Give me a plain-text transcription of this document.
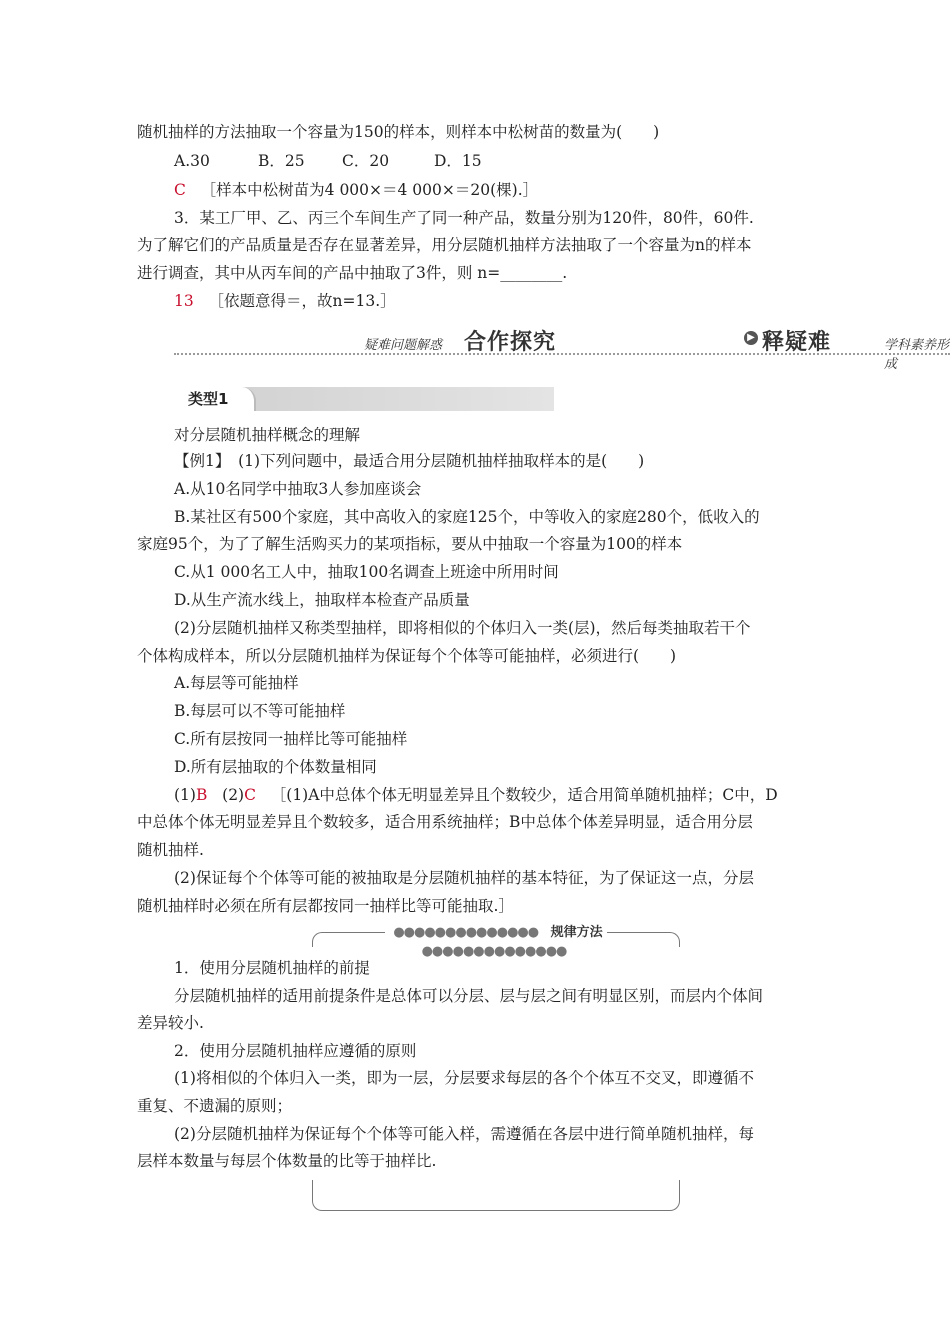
随机抽样的方法抽取一个容量为150的样本，则样本中松树苗的数量为(　　)
A.30	B．25 C．20	D．15
C ［样本中松树苗为4 000×＝4 000×＝20(棵).］
3．某工厂甲、乙、丙三个车间生产了同一种产品，数量分别为120件，80件，60件.
为了解它们的产品质量是否存在显著差异，用分层随机抽样方法抽取了一个容量为n的样本
进行调查，其中从丙车间的产品中抽取了3件，则 n=________.
13 ［依题意得＝，故n=13.］
疑难问题解惑 合作探究	▶ 释疑难	学科素养形成
类型1
对分层随机抽样概念的理解
【例1】　(1)下列问题中，最适合用分层随机抽样抽取样本的是(　　)
A.从10名同学中抽取3人参加座谈会
B.某社区有500个家庭，其中高收入的家庭125个，中等收入的家庭280个，低收入的
家庭95个，为了了解生活购买力的某项指标，要从中抽取一个容量为100的样本
C.从1 000名工人中，抽取100名调查上班途中所用时间
D.从生产流水线上，抽取样本检查产品质量
(2)分层随机抽样又称类型抽样，即将相似的个体归入一类(层)，然后每类抽取若干个
个体构成样本，所以分层随机抽样为保证每个个体等可能抽样，必须进行(　　)
A.每层等可能抽样
B.每层可以不等可能抽样
C.所有层按同一抽样比等可能抽样
D.所有层抽取的个体数量相同
(1)B (2)C ［(1)A中总体个体无明显差异且个数较少，适合用简单随机抽样；C中，D
中总体个体无明显差异且个数较多，适合用系统抽样；B中总体个体差异明显，适合用分层
随机抽样.
(2)保证每个个体等可能的被抽取是分层随机抽样的基本特征，为了保证这一点，分层
随机抽样时必须在所有层都按同一抽样比等可能抽取.］
●●●●●●●●●●●●●● 规律方法 ●●●●●●●●●●●●●●
1．使用分层随机抽样的前提
分层随机抽样的适用前提条件是总体可以分层、层与层之间有明显区别，而层内个体间
差异较小.
2．使用分层随机抽样应遵循的原则
(1)将相似的个体归入一类，即为一层，分层要求每层的各个个体互不交叉，即遵循不
重复、不遗漏的原则；
(2)分层随机抽样为保证每个个体等可能入样，需遵循在各层中进行简单随机抽样，每
层样本数量与每层个体数量的比等于抽样比.
